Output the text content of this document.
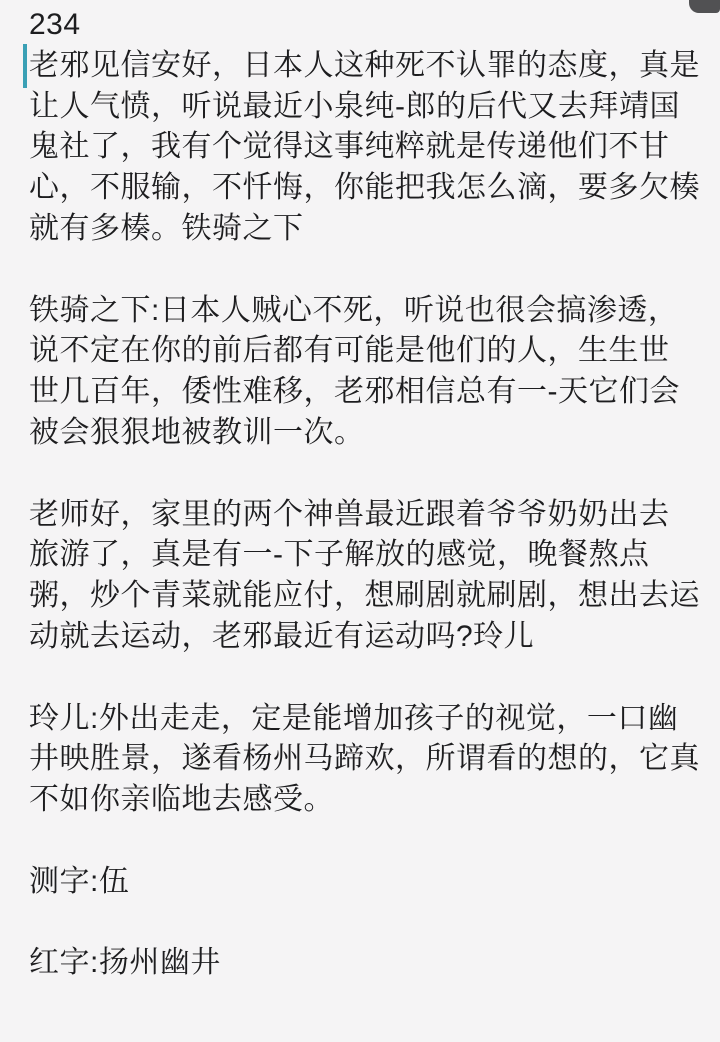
234
老邪见信安好，日本人这种死不认罪的态度，真是
让人气愤，听说最近小泉纯-郎的后代又去拜靖国
鬼社了，我有个觉得这事纯粹就是传递他们不甘
心，不服输，不忏悔，你能把我怎么滴，要多欠楱
就有多楱。铁骑之下
铁骑之下:日本人贼心不死，听说也很会搞渗透，
说不定在你的前后都有可能是他们的人，生生世
世几百年，倭性难移，老邪相信总有一-天它们会
被会狠狠地被教训一次。
老师好，家里的两个神兽最近跟着爷爷奶奶出去
旅游了，真是有一-下子解放的感觉，晚餐熬点
粥，炒个青菜就能应付，想刷剧就刷剧，想出去运
动就去运动，老邪最近有运动吗?玲儿
玲儿:外出走走，定是能增加孩子的视觉，一口幽
井映胜景，遂看杨州马蹄欢，所谓看的想的，它真
不如你亲临地去感受。
测字:伍
红字:扬州幽井
